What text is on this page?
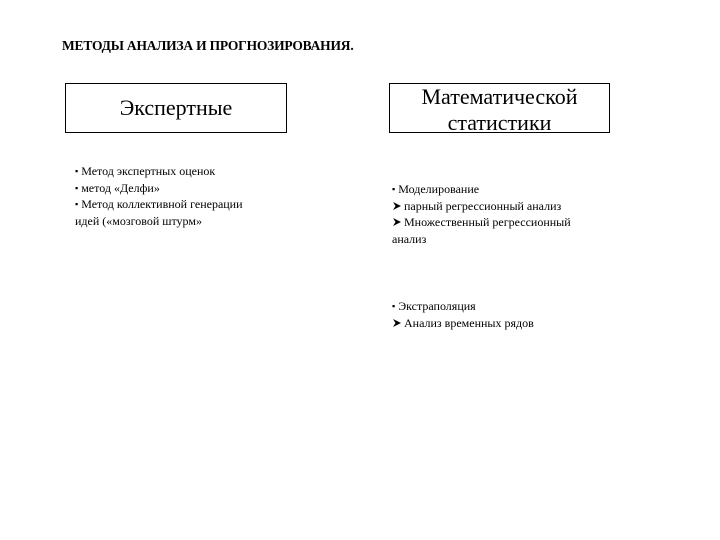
МЕТОДЫ АНАЛИЗА И ПРОГНОЗИРОВАНИЯ.
Экспертные	Математической статистики
▪ Метод экспертных оценок
▪ метод «Делфи»
▪ Метод коллективной генерации идей («мозговой штурм»
▪ Моделирование
парный регрессионный анализ
Множественный регрессионный анализ
▪ Экстраполяция
Анализ временных рядов
